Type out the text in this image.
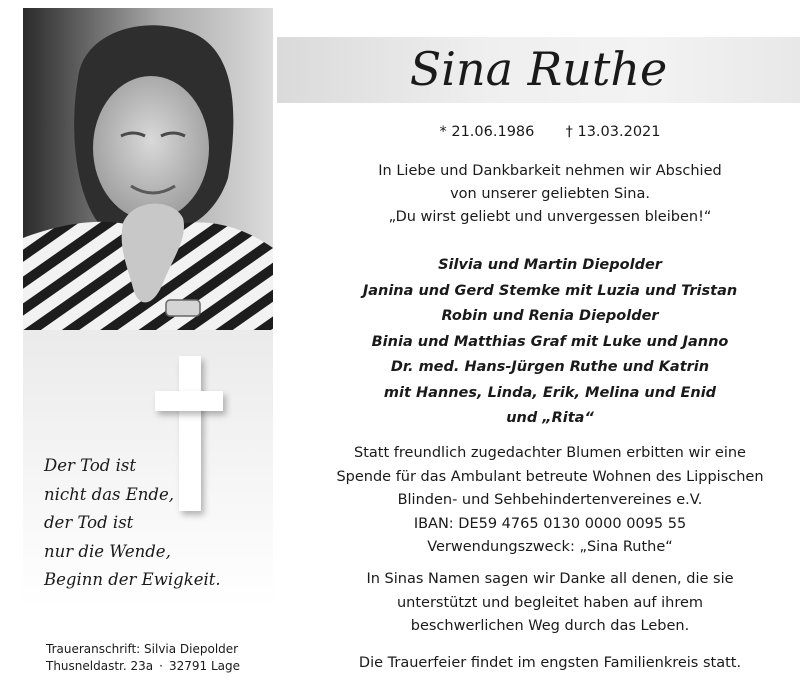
Der Tod ist
nicht das Ende,
der Tod ist
nur die Wende,
Beginn der Ewigkeit.

Traueranschrift: Silvia Diepolder
Thusneldastr. 23a · 32791 Lage
Sina Ruthe
* 21.06.1986 † 13.03.2021
In Liebe und Dankbarkeit nehmen wir Abschied
von unserer geliebten Sina.
„Du wirst geliebt und unvergessen bleiben!“
Silvia und Martin Diepolder
Janina und Gerd Stemke mit Luzia und Tristan
Robin und Renia Diepolder
Binia und Matthias Graf mit Luke und Janno
Dr. med. Hans-Jürgen Ruthe und Katrin
mit Hannes, Linda, Erik, Melina und Enid
und „Rita“
Statt freundlich zugedachter Blumen erbitten wir eine
Spende für das Ambulant betreute Wohnen des Lippischen
Blinden- und Sehbehindertenvereines e.V.
IBAN: DE59 4765 0130 0000 0095 55
Verwendungszweck: „Sina Ruthe“
In Sinas Namen sagen wir Danke all denen, die sie
unterstützt und begleitet haben auf ihrem
beschwerlichen Weg durch das Leben.
Die Trauerfeier findet im engsten Familienkreis statt.
